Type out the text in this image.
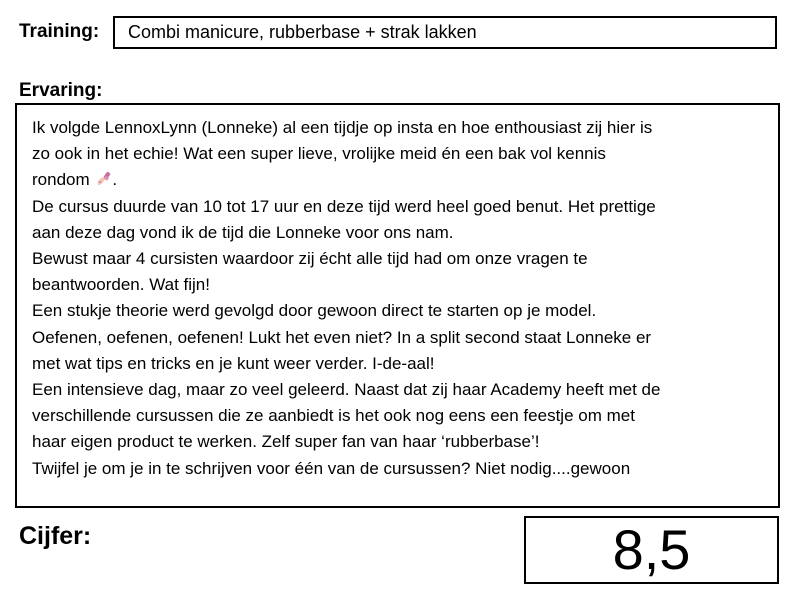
Training:	Combi manicure, rubberbase + strak lakken
Ervaring:

Ik volgde LennoxLynn (Lonneke) al een tijdje op insta en hoe enthousiast zij hier is

zo ook in het echie! Wat een super lieve, vrolijke meid én een bak vol kennis

rondom .

De cursus duurde van 10 tot 17 uur en deze tijd werd heel goed benut. Het prettige

aan deze dag vond ik de tijd die Lonneke voor ons nam.

Bewust maar 4 cursisten waardoor zij écht alle tijd had om onze vragen te

beantwoorden. Wat fijn!

Een stukje theorie werd gevolgd door gewoon direct te starten op je model.

Oefenen, oefenen, oefenen! Lukt het even niet? In a split second staat Lonneke er

met wat tips en tricks en je kunt weer verder. I-de-aal!

Een intensieve dag, maar zo veel geleerd. Naast dat zij haar Academy heeft met de

verschillende cursussen die ze aanbiedt is het ook nog eens een feestje om met

haar eigen product te werken. Zelf super fan van haar ‘rubberbase’!

Twijfel je om je in te schrijven voor één van de cursussen? Niet nodig....gewoon

Cijfer:	8,5
